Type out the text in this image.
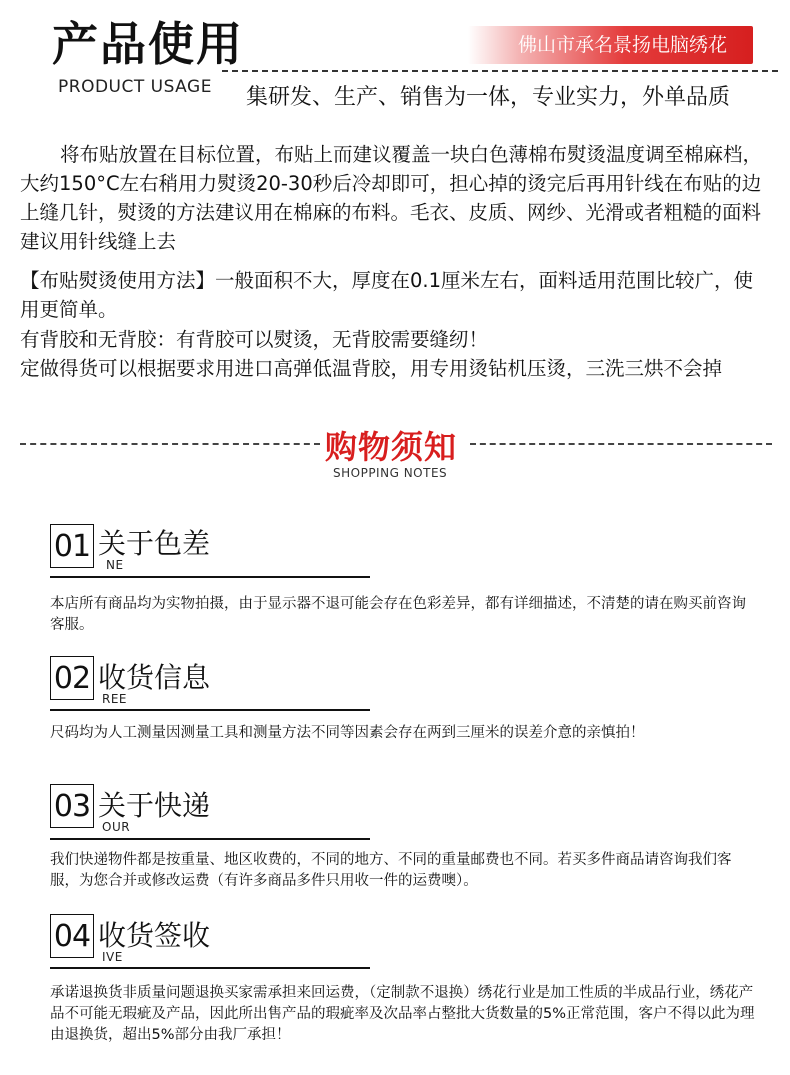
产品使用	佛山市承名景扬电脑绣花
PRODUCT USAGE 集研发、生产、销售为一体，专业实力，外单品质

将布贴放置在目标位置，布贴上而建议覆盖一块白色薄棉布熨烫温度调至棉麻档，大约150°C左右稍用力熨烫20-30秒后冷却即可，担心掉的烫完后再用针线在布贴的边上缝几针，熨烫的方法建议用在棉麻的布料。毛衣、皮质、网纱、光滑或者粗糙的面料建议用针线缝上去

【布贴熨烫使用方法】一般面积不大，厚度在0.1厘米左右，面料适用范围比较广，使用更简单。

有背胶和无背胶：有背胶可以熨烫，无背胶需要缝纫！

定做得货可以根据要求用进口高弹低温背胶，用专用烫钻机压烫，三洗三烘不会掉

购物须知
SHOPPING NOTES
01 关于色差
NE

本店所有商品均为实物拍摄，由于显示器不退可能会存在色彩差异，都有详细描述，不清楚的请在购买前咨询客服。

02 收货信息
REE

尺码均为人工测量因测量工具和测量方法不同等因素会存在两到三厘米的误差介意的亲慎拍！

03 关于快递
OUR

我们快递物件都是按重量、地区收费的，不同的地方、不同的重量邮费也不同。若买多件商品请咨询我们客服，为您合并或修改运费（有许多商品多件只用收一件的运费噢）。

04 收货签收
IVE

承诺退换货非质量问题退换买家需承担来回运费，（定制款不退换）绣花行业是加工性质的半成品行业，绣花产品不可能无瑕疵及产品，因此所出售产品的瑕疵率及次品率占整批大货数量的5%正常范围，客户不得以此为理由退换货，超出5%部分由我厂承担！
